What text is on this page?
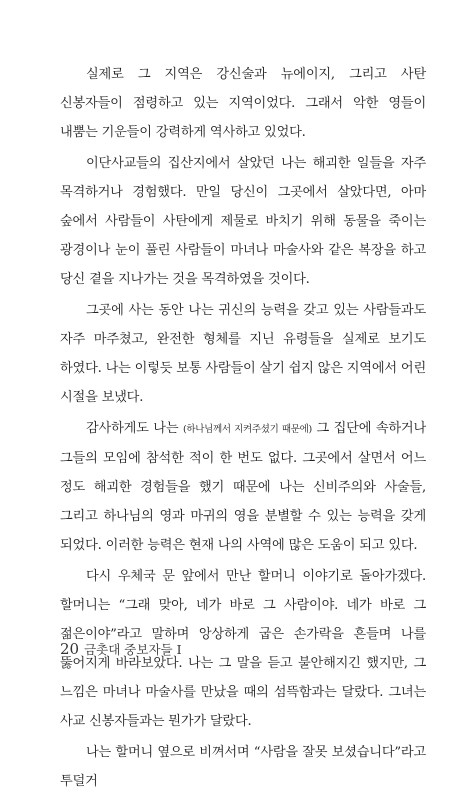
실제로 그 지역은 강신술과 뉴에이지, 그리고 사탄 신봉자들이 점령하고 있는 지역이었다. 그래서 악한 영들이 내뿜는 기운들이 강력하게 역사하고 있었다.

이단사교들의 집산지에서 살았던 나는 해괴한 일들을 자주 목격하거나 경험했다. 만일 당신이 그곳에서 살았다면, 아마 숲에서 사람들이 사탄에게 제물로 바치기 위해 동물을 죽이는 광경이나 눈이 풀린 사람들이 마녀나 마술사와 같은 복장을 하고 당신 곁을 지나가는 것을 목격하였을 것이다.

그곳에 사는 동안 나는 귀신의 능력을 갖고 있는 사람들과도 자주 마주쳤고, 완전한 형체를 지닌 유령들을 실제로 보기도 하였다. 나는 이렇듯 보통 사람들이 살기 쉽지 않은 지역에서 어린 시절을 보냈다.

감사하게도 나는 (하나님께서 지켜주셨기 때문에) 그 집단에 속하거나 그들의 모임에 참석한 적이 한 번도 없다. 그곳에서 살면서 어느 정도 해괴한 경험들을 했기 때문에 나는 신비주의와 사술들, 그리고 하나님의 영과 마귀의 영을 분별할 수 있는 능력을 갖게 되었다. 이러한 능력은 현재 나의 사역에 많은 도움이 되고 있다.

다시 우체국 문 앞에서 만난 할머니 이야기로 돌아가겠다. 할머니는 “그래 맞아, 네가 바로 그 사람이야. 네가 바로 그 젊은이야”라고 말하며 앙상하게 굽은 손가락을 흔들며 나를 뚫어지게 바라보았다. 나는 그 말을 듣고 불안해지긴 했지만, 그 느낌은 마녀나 마술사를 만났을 때의 섬뜩함과는 달랐다. 그녀는 사교 신봉자들과는 뭔가가 달랐다.

나는 할머니 옆으로 비껴서며 “사람을 잘못 보셨습니다”라고 투덜거

20 금촛대 중보자들 I
